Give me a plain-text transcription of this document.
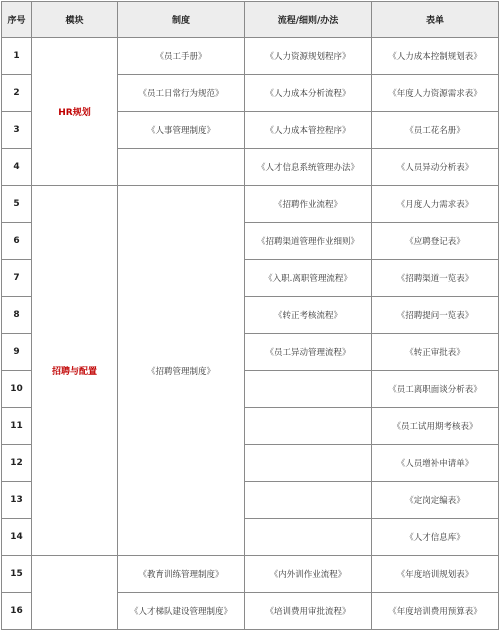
序号	模块	制度	流程/细则/办法	表单
1	HR规划	《员工手册》	《人力资源规划程序》	《人力成本控制规划表》
2		《员工日常行为规范》	《人力成本分析流程》	《年度人力资源需求表》
3		《人事管理制度》	《人力成本管控程序》	《员工花名册》
4			《人才信息系统管理办法》	《人员异动分析表》
5	招聘与配置	《招聘管理制度》	《招聘作业流程》	《月度人力需求表》
6			《招聘渠道管理作业细则》	《应聘登记表》
7			《入职.离职管理流程》	《招聘渠道一览表》
8			《转正考核流程》	《招聘提问一览表》
9			《员工异动管理流程》	《转正审批表》
10				《员工离职面谈分析表》
11				《员工试用期考核表》
12				《人员增补申请单》
13				《定岗定编表》
14				《人才信息库》
15		《教育训练管理制度》	《内外训作业流程》	《年度培训规划表》
16		《人才梯队建设管理制度》	《培训费用审批流程》	《年度培训费用预算表》
